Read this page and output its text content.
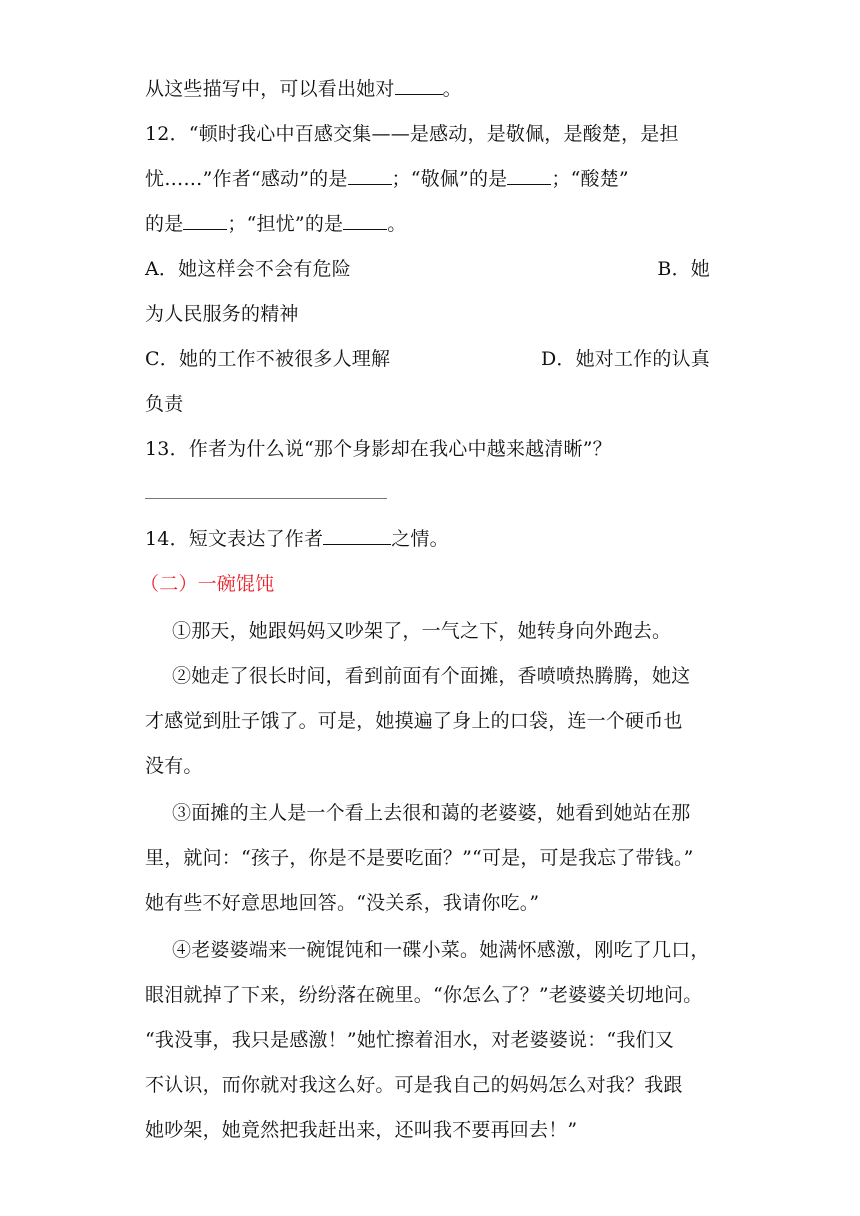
从这些描写中，可以看出她对	。
12．“顿时我心中百感交集——是感动，是敬佩，是酸楚，是担
忧……”作者“感动”的是 ；“敬佩”的是 ；“酸楚”
的是 ；“担忧”的是 。
A．她这样会不会有危险	B．她
为人民服务的精神
C．她的工作不被很多人理解	D．她对工作的认真
负责
13．作者为什么说“那个身影却在我心中越来越清晰”？
14．短文表达了作者	之情。
（二）一碗馄饨
①那天，她跟妈妈又吵架了，一气之下，她转身向外跑去。
②她走了很长时间，看到前面有个面摊，香喷喷热腾腾，她这
才感觉到肚子饿了。可是，她摸遍了身上的口袋，连一个硬币也
没有。
③面摊的主人是一个看上去很和蔼的老婆婆，她看到她站在那
里，就问：“孩子，你是不是要吃面？”“可是，可是我忘了带钱。”
她有些不好意思地回答。“没关系，我请你吃。”
④老婆婆端来一碗馄饨和一碟小菜。她满怀感激，刚吃了几口，
眼泪就掉了下来，纷纷落在碗里。“你怎么了？”老婆婆关切地问。
“我没事，我只是感激！”她忙擦着泪水，对老婆婆说：“我们又
不认识，而你就对我这么好。可是我自己的妈妈怎么对我？我跟
她吵架，她竟然把我赶出来，还叫我不要再回去！”
